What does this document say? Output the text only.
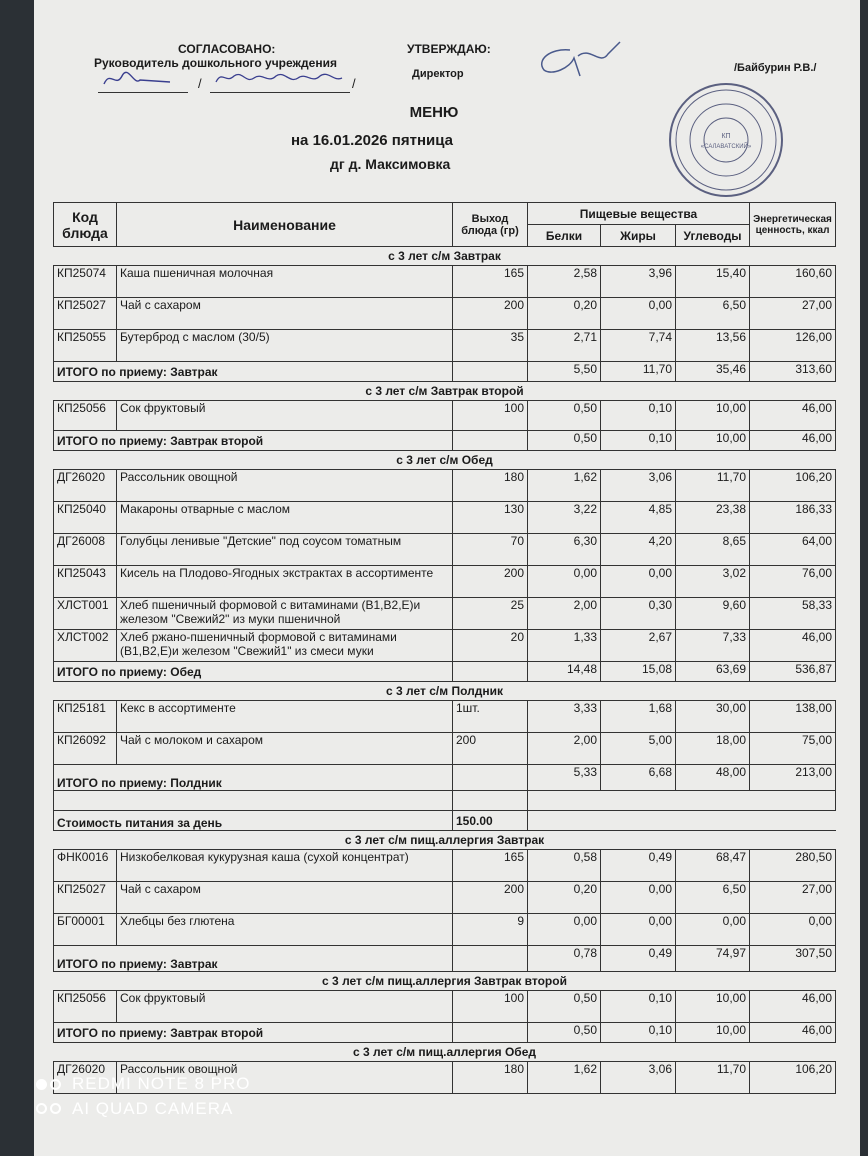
СОГЛАСОВАНО:
Руководитель дошкольного учреждения
/	/
УТВЕРЖДАЮ:
Директор	/Байбурин Р.В./
МЕНЮ
на 16.01.2026 пятница
дг д. Максимовка
КП
«САЛАВАТСКИЙ»
Код блюда	Наименование	Выход блюда (гр)	Пищевые вещества			Энергетическая ценность, ккал
			Белки	Жиры	Углеводы	
с 3 лет с/м Завтрак						
КП25074	Каша пшеничная молочная	165	2,58	3,96	15,40	160,60
КП25027	Чай с сахаром	200	0,20	0,00	6,50	27,00
КП25055	Бутерброд с маслом (30/5)	35	2,71	7,74	13,56	126,00
ИТОГО по приему: Завтрак			5,50	11,70	35,46	313,60
с 3 лет с/м Завтрак второй						
КП25056	Сок фруктовый	100	0,50	0,10	10,00	46,00
ИТОГО по приему: Завтрак второй			0,50	0,10	10,00	46,00
с 3 лет с/м Обед						
ДГ26020	Рассольник овощной	180	1,62	3,06	11,70	106,20
КП25040	Макароны отварные с маслом	130	3,22	4,85	23,38	186,33
ДГ26008	Голубцы ленивые "Детские" под соусом томатным	70	6,30	4,20	8,65	64,00
КП25043	Кисель на Плодово-Ягодных экстрактах в ассортименте	200	0,00	0,00	3,02	76,00
ХЛСТ001	Хлеб пшеничный формовой с витаминами (В1,В2,Е)и железом "Свежий2" из муки пшеничной	25	2,00	0,30	9,60	58,33
ХЛСТ002	Хлеб ржано-пшеничный формовой с витаминами (В1,В2,Е)и железом "Свежий1" из смеси муки	20	1,33	2,67	7,33	46,00
ИТОГО по приему: Обед			14,48	15,08	63,69	536,87
с 3 лет с/м Полдник						
КП25181	Кекс в ассортименте	1шт.	3,33	1,68	30,00	138,00
КП26092	Чай с молоком и сахаром	200	2,00	5,00	18,00	75,00
ИТОГО по приему: Полдник			5,33	6,68	48,00	213,00

Стоимость питания за день		150.00				
с 3 лет с/м пищ.аллергия Завтрак						
ФНК0016	Низкобелковая кукурузная каша (сухой концентрат)	165	0,58	0,49	68,47	280,50
КП25027	Чай с сахаром	200	0,20	0,00	6,50	27,00
БГ00001	Хлебцы без глютена	9	0,00	0,00	0,00	0,00
ИТОГО по приему: Завтрак			0,78	0,49	74,97	307,50
с 3 лет с/м пищ.аллергия Завтрак второй						
КП25056	Сок фруктовый	100	0,50	0,10	10,00	46,00
ИТОГО по приему: Завтрак второй			0,50	0,10	10,00	46,00
с 3 лет с/м пищ.аллергия Обед						
ДГ26020	Рассольник овощной	180	1,62	3,06	11,70	106,20
REDMI NOTE 8 PRO
AI QUAD CAMERA
